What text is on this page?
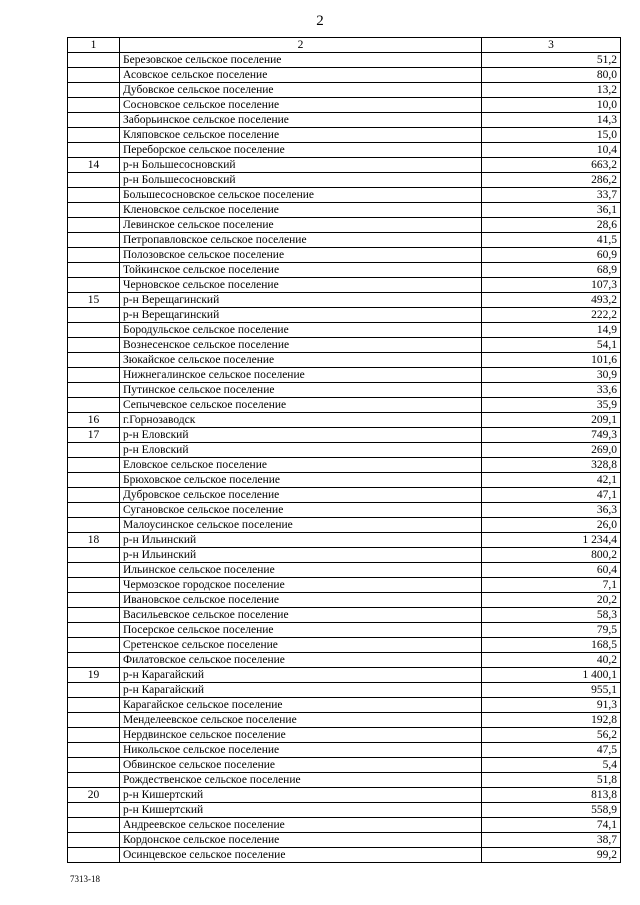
2
1	2	3
	Березовское сельское поселение	51,2
	Асовское сельское поселение	80,0
	Дубовское сельское поселение	13,2
	Сосновское сельское поселение	10,0
	Заборьинское сельское поселение	14,3
	Кляповское сельское поселение	15,0
	Переборское сельское поселение	10,4
14	р-н Большесосновский	663,2
	р-н Большесосновский	286,2
	Большесосновское сельское поселение	33,7
	Кленовское сельское поселение	36,1
	Левинское сельское поселение	28,6
	Петропавловское сельское поселение	41,5
	Полозовское сельское поселение	60,9
	Тойкинское сельское поселение	68,9
	Черновское сельское поселение	107,3
15	р-н Верещагинский	493,2
	р-н Верещагинский	222,2
	Бородульское сельское поселение	14,9
	Вознесенское сельское поселение	54,1
	Зюкайское сельское поселение	101,6
	Нижнегалинское сельское поселение	30,9
	Путинское сельское поселение	33,6
	Сепычевское сельское поселение	35,9
16	г.Горнозаводск	209,1
17	р-н Еловский	749,3
	р-н Еловский	269,0
	Еловское сельское поселение	328,8
	Брюховское сельское поселение	42,1
	Дубровское сельское поселение	47,1
	Сугановское сельское поселение	36,3
	Малоусинское сельское поселение	26,0
18	р-н Ильинский	1 234,4
	р-н Ильинский	800,2
	Ильинское сельское поселение	60,4
	Чермозское городское поселение	7,1
	Ивановское сельское поселение	20,2
	Васильевское сельское поселение	58,3
	Посерское сельское поселение	79,5
	Сретенское сельское поселение	168,5
	Филатовское сельское поселение	40,2
19	р-н Карагайский	1 400,1
	р-н Карагайский	955,1
	Карагайское сельское поселение	91,3
	Менделеевское сельское поселение	192,8
	Нердвинское сельское поселение	56,2
	Никольское сельское поселение	47,5
	Обвинское сельское поселение	5,4
	Рождественское сельское поселение	51,8
20	р-н Кишертский	813,8
	р-н Кишертский	558,9
	Андреевское сельское поселение	74,1
	Кордонское сельское поселение	38,7
	Осинцевское сельское поселение	99,2
7313-18
